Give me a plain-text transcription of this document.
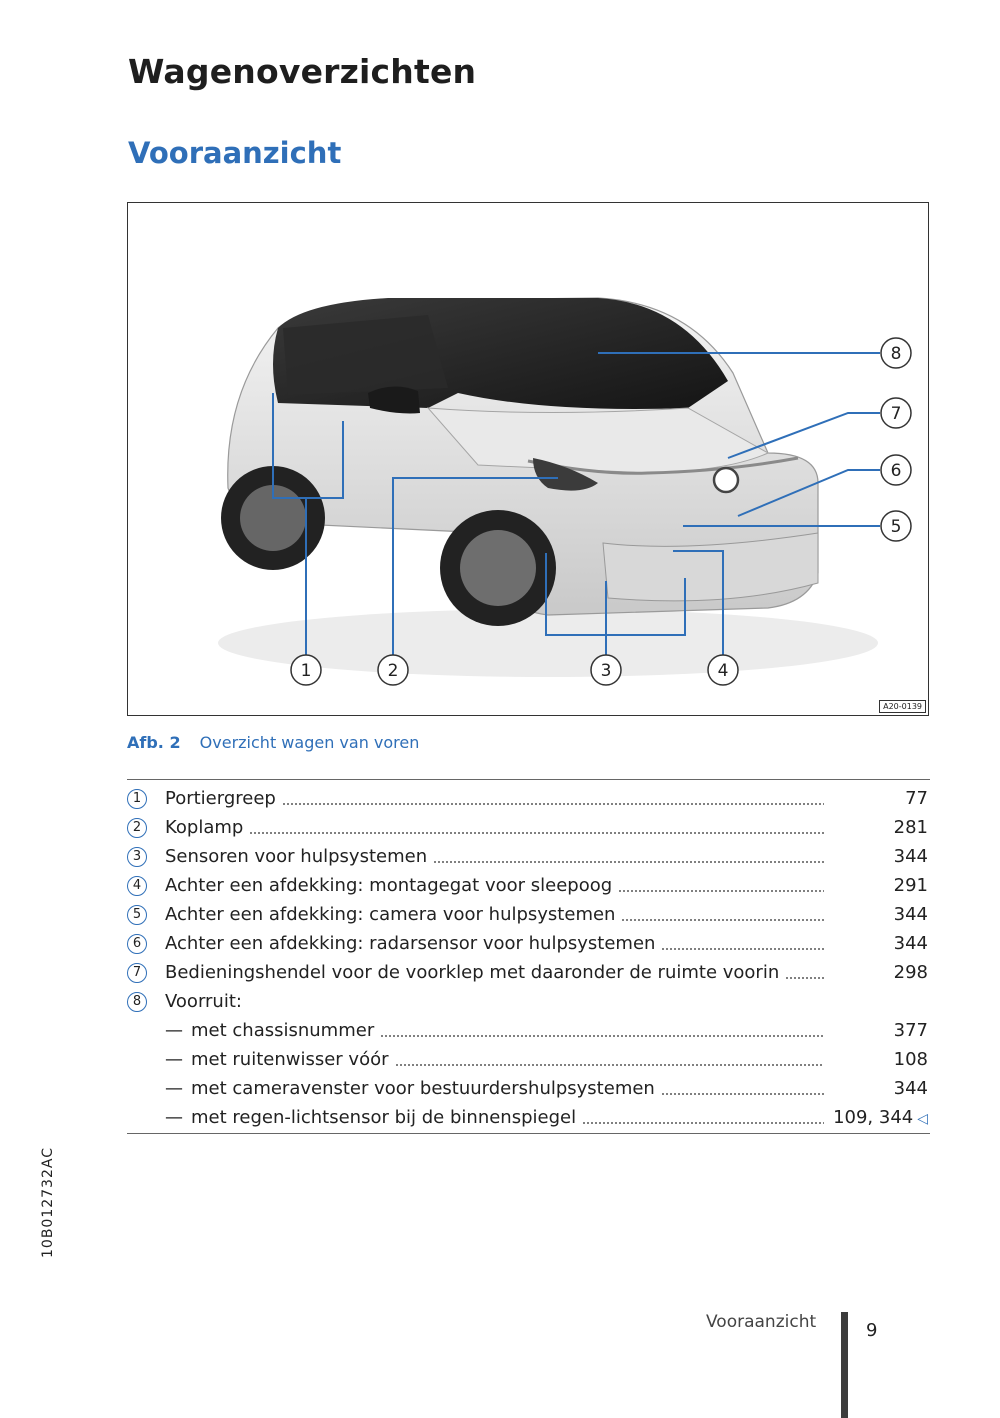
Wagenoverzichten
Vooraanzicht
1	2	3	4
5
6
7
8
A20-0139
Afb. 2 Overzicht wagen van voren
1	Portiergreep	77
2	Koplamp	281
3	Sensoren voor hulpsystemen	344
4	Achter een afdekking: montagegat voor sleepoog	291
5	Achter een afdekking: camera voor hulpsystemen	344
6	Achter een afdekking: radarsensor voor hulpsystemen	344
7	Bedieningshendel voor de voorklep met daaronder de ruimte voorin	298
8	Voorruit:
— met chassisnummer	377
— met ruitenwisser vóór	108
— met cameravenster voor bestuurdershulpsystemen	344
— met regen-lichtsensor bij de binnenspiegel	109, 344 ◁
10B012732AC
Vooraanzicht	9
